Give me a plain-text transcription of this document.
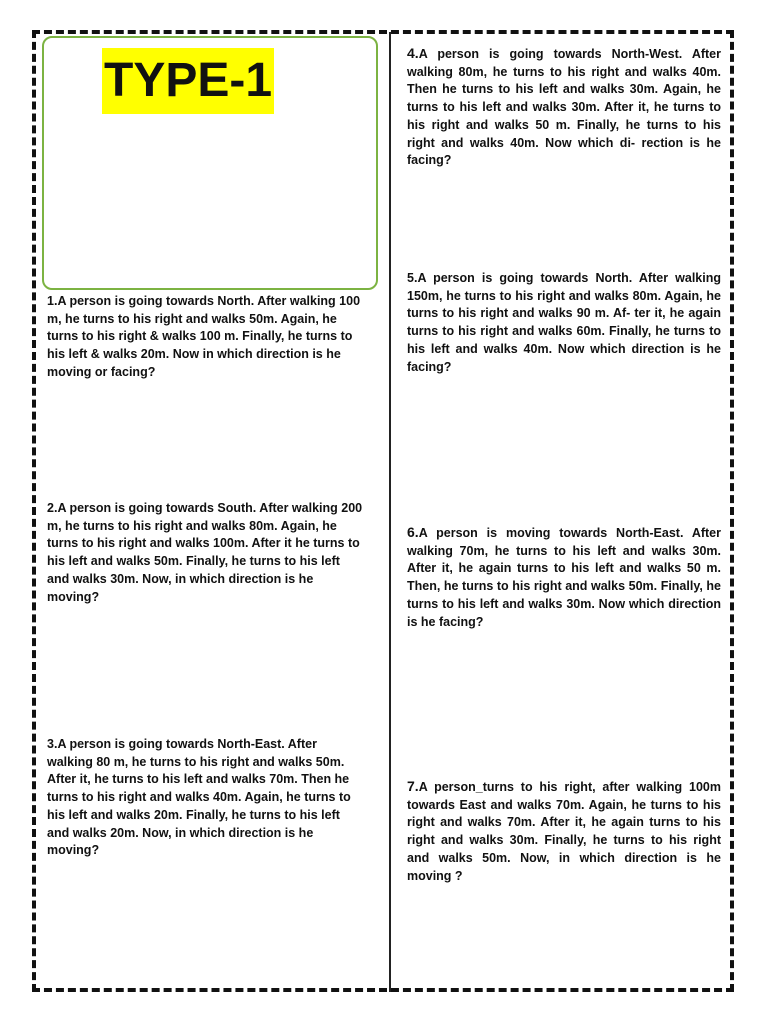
TYPE-1

1.A person is going towards North. After walking 100 m, he turns to his right and walks 50m. Again, he turns to his right & walks 100 m. Finally, he turns to his left & walks 20m. Now in which direction is he moving or facing?

2.A person is going towards South. After walking 200 m, he turns to his right and walks 80m. Again, he turns to his right and walks 100m. After it he turns to his left and walks 50m. Finally, he turns to his left and walks 30m. Now, in which direction is he moving?

3.A person is going towards North-East. After walking 80 m, he turns to his right and walks 50m. After it, he turns to his left and walks 70m. Then he turns to his right and walks 40m. Again, he turns to his left and walks 20m. Finally, he turns to his left and walks 20m. Now, in which direction is he moving?

4.A person is going towards North-West. After walking 80m, he turns to his right and walks 40m. Then he turns to his left and walks 30m. Again, he turns to his left and walks 30m. After it, he turns to his right and walks 50 m. Finally, he turns to his right and walks 40m. Now which di- rection is he facing?

5.A person is going towards North. After walking 150m, he turns to his right and walks 80m. Again, he turns to his right and walks 90 m. Af- ter it, he again turns to his right and walks 60m. Finally, he turns to his left and walks 40m. Now which direction is he facing?

6.A person is moving towards North-East. After walking 70m, he turns to his left and walks 30m. After it, he again turns to his left and walks 50 m. Then, he turns to his right and walks 50m. Finally, he turns to his left and walks 30m. Now which direction is he facing?

7.A person_turns to his right, after walking 100m towards East and walks 70m. Again, he turns to his right and walks 70m. After it, he again turns to his right and walks 30m. Finally, he turns to his right and walks 50m. Now, in which direction is he moving ?
